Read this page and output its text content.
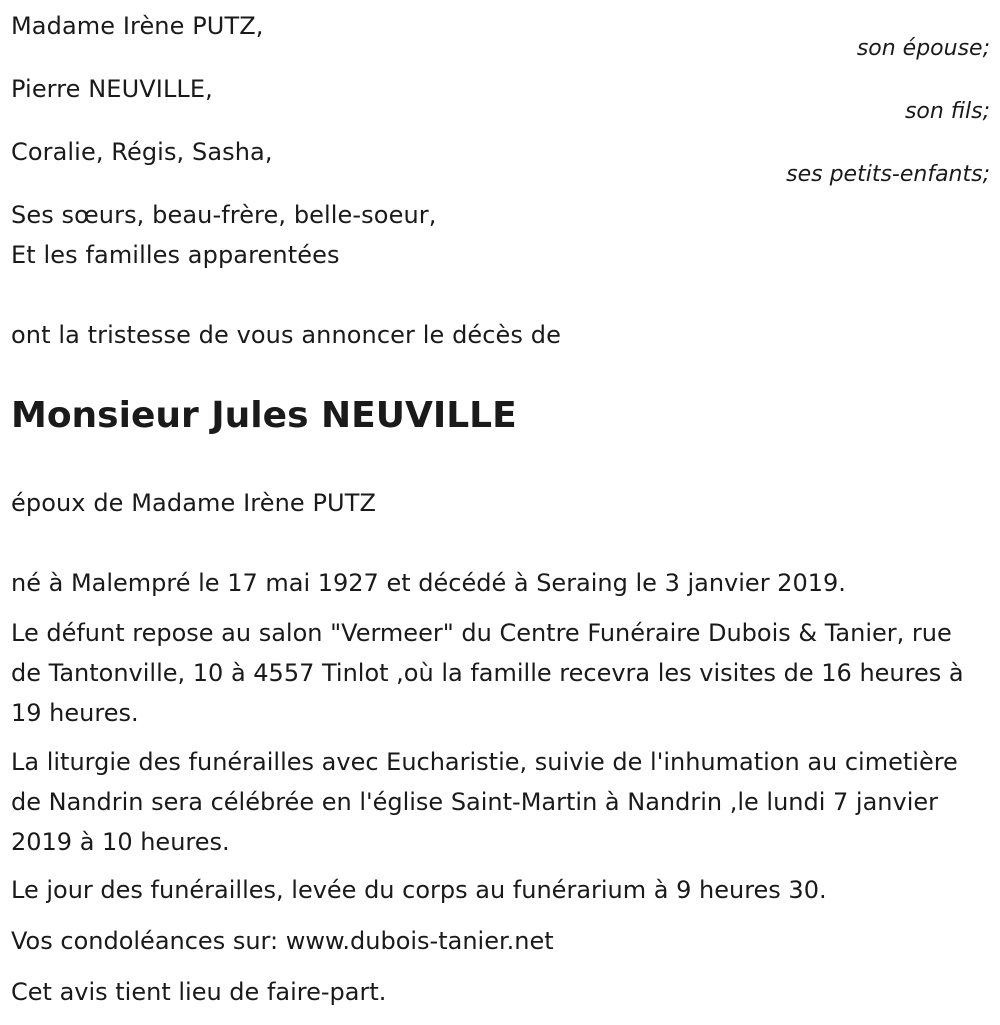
Madame Irène PUTZ,
son épouse;
Pierre NEUVILLE,
son fils;
Coralie, Régis, Sasha,
ses petits-enfants;
Ses sœurs, beau-frère, belle-soeur,
Et les familles apparentées
ont la tristesse de vous annoncer le décès de
Monsieur Jules NEUVILLE
époux de Madame Irène PUTZ
né à Malempré le 17 mai 1927 et décédé à Seraing le 3 janvier 2019.
Le défunt repose au salon "Vermeer" du Centre Funéraire Dubois & Tanier, rue de Tantonville, 10 à 4557 Tinlot ,où la famille recevra les visites de 16 heures à 19 heures.
La liturgie des funérailles avec Eucharistie, suivie de l'inhumation au cimetière de Nandrin sera célébrée en l'église Saint-Martin à Nandrin ,le lundi 7 janvier 2019 à 10 heures.
Le jour des funérailles, levée du corps au funérarium à 9 heures 30.
Vos condoléances sur: www.dubois-tanier.net
Cet avis tient lieu de faire-part.
